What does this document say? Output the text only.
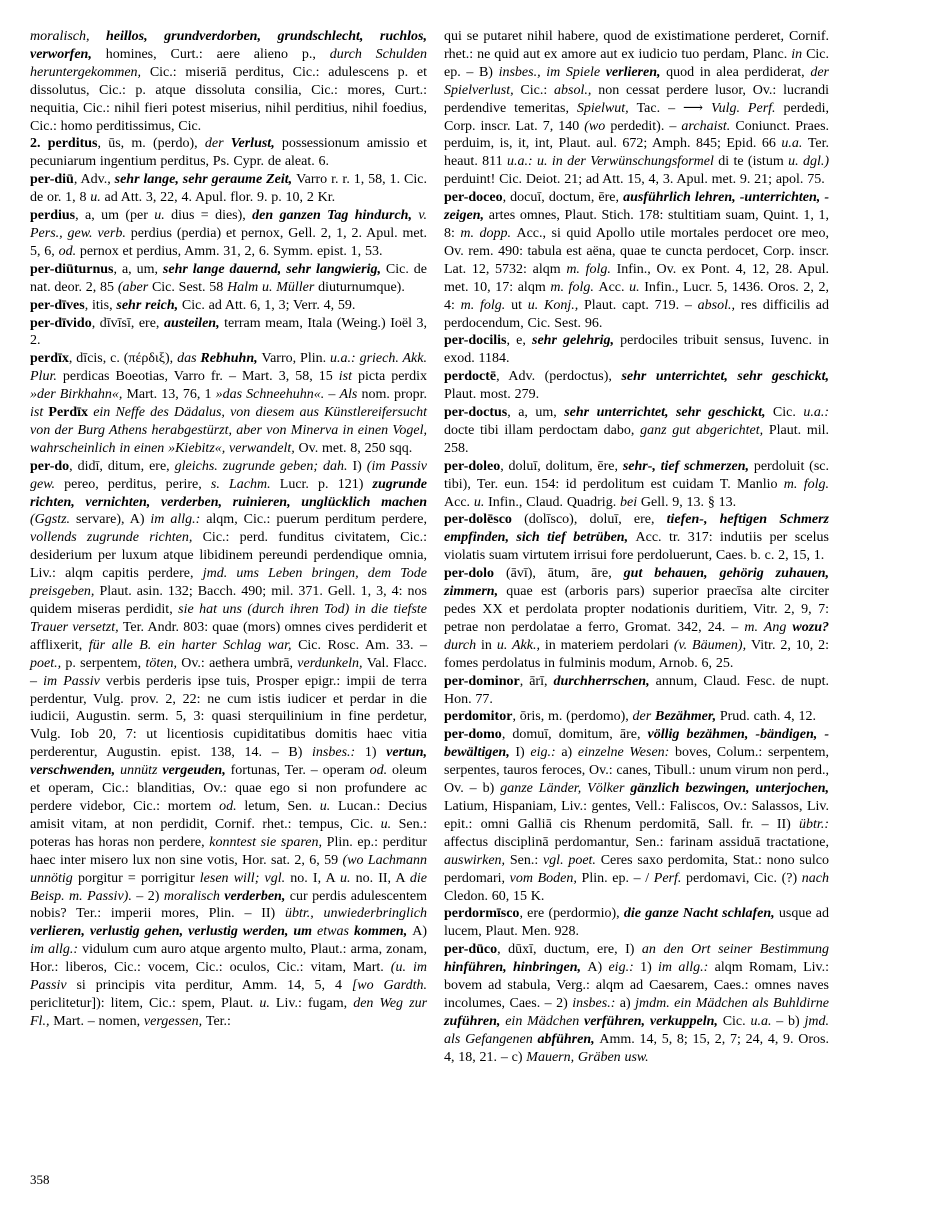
moralisch, heillos, grundverdorben, grundschlecht, ruchlos, verworfen, homines, Curt.: aere alieno p., durch Schulden heruntergekommen, Cic.: miseriā perditus, Cic.: adulescens p. et dissolutus, Cic.: p. atque dissoluta consilia, Cic.: mores, Curt.: nequitia, Cic.: nihil fieri potest miserius, nihil perditius, nihil foedius, Cic.: homo perditissimus, Cic.

2. perditus, ūs, m. (perdo), der Verlust, possessionum amissio et pecuniarum ingentium perditus, Ps. Cypr. de aleat. 6.

per-diū, Adv., sehr lange, sehr geraume Zeit, Varro r. r. 1, 58, 1. Cic. de or. 1, 8 u. ad Att. 3, 22, 4. Apul. flor. 9. p. 10, 2 Kr.

perdius, a, um (per u. dius = dies), den ganzen Tag hindurch, v. Pers., gew. verb. perdius (perdia) et pernox, Gell. 2, 1, 2. Apul. met. 5, 6, od. pernox et perdius, Amm. 31, 2, 6. Symm. epist. 1, 53.

per-diūturnus, a, um, sehr lange dauernd, sehr langwierig, Cic. de nat. deor. 2, 85 (aber Cic. Sest. 58 Halm u. Müller diuturnumque).

per-dīves, itis, sehr reich, Cic. ad Att. 6, 1, 3; Verr. 4, 59.

per-dīvido, dīvīsī, ere, austeilen, terram meam, Itala (Weing.) Ioël 3, 2.

perdīx, dīcis, c. (πέρδιξ), das Rebhuhn, Varro, Plin. u.a.: griech. Akk. Plur. perdicas Boeotias, Varro fr. – Mart. 3, 58, 15 ist picta perdix »der Birkhahn«, Mart. 13, 76, 1 »das Schneehuhn«. – Als nom. propr. ist Perdīx ein Neffe des Dädalus, von diesem aus Künstlereifersucht von der Burg Athens herabgestürzt, aber von Minerva in einen Vogel, wahrscheinlich in einen »Kiebitz«, verwandelt, Ov. met. 8, 250 sqq.

per-do, didī, ditum, ere, gleichs. zugrunde geben; dah. I) (im Passiv gew. pereo, perditus, perire, s. Lachm. Lucr. p. 121) zugrunde richten, vernichten, verderben, ruinieren, unglücklich machen (Ggstz. servare), A) im allg.: alqm, Cic.: puerum perditum perdere, vollends zugrunde richten, Cic.: perd. funditus civitatem, Cic.: desiderium per luxum atque libidinem pereundi perdendique omnia, Liv.: alqm capitis perdere, jmd. ums Leben bringen, dem Tode preisgeben, Plaut. asin. 132; Bacch. 490; mil. 371. Gell. 1, 3, 4: nos quidem miseras perdidit, sie hat uns (durch ihren Tod) in die tiefste Trauer versetzt, Ter. Andr. 803: quae (mors) omnes cives perdiderit et afflixerit, für alle B. ein harter Schlag war, Cic. Rosc. Am. 33. – poet., p. serpentem, töten, Ov.: aethera umbrā, verdunkeln, Val. Flacc. – im Passiv verbis perderis ipse tuis, Prosper epigr.: impii de terra perdentur, Vulg. prov. 2, 22: ne cum istis iudicer et perdar in die iudicii, Augustin. serm. 5, 3: quasi sterquilinium in fine perdetur, Vulg. Iob 20, 7: ut licentiosis cupiditatibus domitis haec vitia perderentur, Augustin. epist. 138, 14. – B) insbes.: 1) vertun, verschwenden, unnütz vergeuden, fortunas, Ter. – operam od. oleum et operam, Cic.: blanditias, Ov.: quae ego si non profundere ac perdere videbor, Cic.: mortem od. letum, Sen. u. Lucan.: Decius amisit vitam, at non perdidit, Cornif. rhet.: tempus, Cic. u. Sen.: poteras has horas non perdere, konntest sie sparen, Plin. ep.: perditur haec inter misero lux non sine votis, Hor. sat. 2, 6, 59 (wo Lachmann unnötig porgitur = porrigitur lesen will; vgl. no. I, A u. no. II, A die Beisp. m. Passiv). – 2) moralisch verderben, cur perdis adulescentem nobis? Ter.: imperii mores, Plin. – II) übtr., unwiederbringlich verlieren, verlustig gehen, verlustig werden, um etwas kommen, A) im allg.: vidulum cum auro atque argento multo, Plaut.: arma, zonam, Hor.: liberos, Cic.: vocem, Cic.: oculos, Cic.: vitam, Mart. (u. im Passiv si principis vita perditur, Amm. 14, 5, 4 [wo Gardth. periclitetur]): litem, Cic.: spem, Plaut. u. Liv.: fugam, den Weg zur Fl., Mart. – nomen, vergessen, Ter.:

qui se putaret nihil habere, quod de existimatione perderet, Cornif. rhet.: ne quid aut ex amore aut ex iudicio tuo perdam, Planc. in Cic. ep. – B) insbes., im Spiele verlieren, quod in alea perdiderat, der Spielverlust, Cic.: absol., non cessat perdere lusor, Ov.: lucrandi perdendive temeritas, Spielwut, Tac. – ⟶ Vulg. Perf. perdedi, Corp. inscr. Lat. 7, 140 (wo perdedit). – archaist. Coniunct. Praes. perduim, is, it, int, Plaut. aul. 672; Amph. 845; Epid. 66 u.a. Ter. heaut. 811 u.a.: u. in der Verwünschungsformel di te (istum u. dgl.) perduint! Cic. Deiot. 21; ad Att. 15, 4, 3. Apul. met. 9. 21; apol. 75.

per-doceo, docuī, doctum, ēre, ausführlich lehren, -unterrichten, -zeigen, artes omnes, Plaut. Stich. 178: stultitiam suam, Quint. 1, 1, 8: m. dopp. Acc., si quid Apollo utile mortales perdocet ore meo, Ov. rem. 490: tabula est aëna, quae te cuncta perdocet, Corp. inscr. Lat. 12, 5732: alqm m. folg. Infin., Ov. ex Pont. 4, 12, 28. Apul. met. 10, 17: alqm m. folg. Acc. u. Infin., Lucr. 5, 1436. Oros. 2, 2, 4: m. folg. ut u. Konj., Plaut. capt. 719. – absol., res difficilis ad perdocendum, Cic. Sest. 96.

per-docilis, e, sehr gelehrig, perdociles tribuit sensus, Iuvenc. in exod. 1184.

perdoctē, Adv. (perdoctus), sehr unterrichtet, sehr geschickt, Plaut. most. 279.

per-doctus, a, um, sehr unterrichtet, sehr geschickt, Cic. u.a.: docte tibi illam perdoctam dabo, ganz gut abgerichtet, Plaut. mil. 258.

per-doleo, doluī, dolitum, ēre, sehr-, tief schmerzen, perdoluit (sc. tibi), Ter. eun. 154: id perdolitum est cuidam T. Manlio m. folg. Acc. u. Infin., Claud. Quadrig. bei Gell. 9, 13. § 13.

per-dolēsco (dolīsco), doluī, ere, tiefen-, heftigen Schmerz empfinden, sich tief betrüben, Acc. tr. 317: indutiis per scelus violatis suam virtutem irrisui fore perdoluerunt, Caes. b. c. 2, 15, 1.

per-dolo (āvī), ātum, āre, gut behauen, gehörig zuhauen, zimmern, quae est (arboris pars) superior praecīsa alte circiter pedes XX et perdolata propter nodationis duritiem, Vitr. 2, 9, 7: petrae non perdolatae a ferro, Gromat. 342, 24. – m. Ang wozu? durch in u. Akk., in materiem perdolari (v. Bäumen), Vitr. 2, 10, 2: fomes perdolatus in fulminis modum, Arnob. 6, 25.

per-dominor, ārī, durchherrschen, annum, Claud. Fesc. de nupt. Hon. 77.

perdomitor, ōris, m. (perdomo), der Bezähmer, Prud. cath. 4, 12.

per-domo, domuī, domitum, āre, völlig bezähmen, -bändigen, -bewältigen, I) eig.: a) einzelne Wesen: boves, Colum.: serpentem, serpentes, tauros feroces, Ov.: canes, Tibull.: unum virum non perd., Ov. – b) ganze Länder, Völker gänzlich bezwingen, unterjochen, Latium, Hispaniam, Liv.: gentes, Vell.: Faliscos, Ov.: Salassos, Liv. epit.: omni Galliā cis Rhenum perdomitā, Sall. fr. – II) übtr.: affectus disciplinā perdomantur, Sen.: farinam assiduā tractatione, auswirken, Sen.: vgl. poet. Ceres saxo perdomita, Stat.: nono sulco perdomari, vom Boden, Plin. ep. – / Perf. perdomavi, Cic. (?) nach Cledon. 60, 15 K.

perdormīsco, ere (perdormio), die ganze Nacht schlafen, usque ad lucem, Plaut. Men. 928.

per-dūco, dūxī, ductum, ere, I) an den Ort seiner Bestimmung hinführen, hinbringen, A) eig.: 1) im allg.: alqm Romam, Liv.: bovem ad stabula, Verg.: alqm ad Caesarem, Caes.: omnes naves incolumes, Caes. – 2) insbes.: a) jmdm. ein Mädchen als Buhldirne zuführen, ein Mädchen verführen, verkuppeln, Cic. u.a. – b) jmd. als Gefangenen abführen, Amm. 14, 5, 8; 15, 2, 7; 24, 4, 9. Oros. 4, 18, 21. – c) Mauern, Gräben usw.

358
